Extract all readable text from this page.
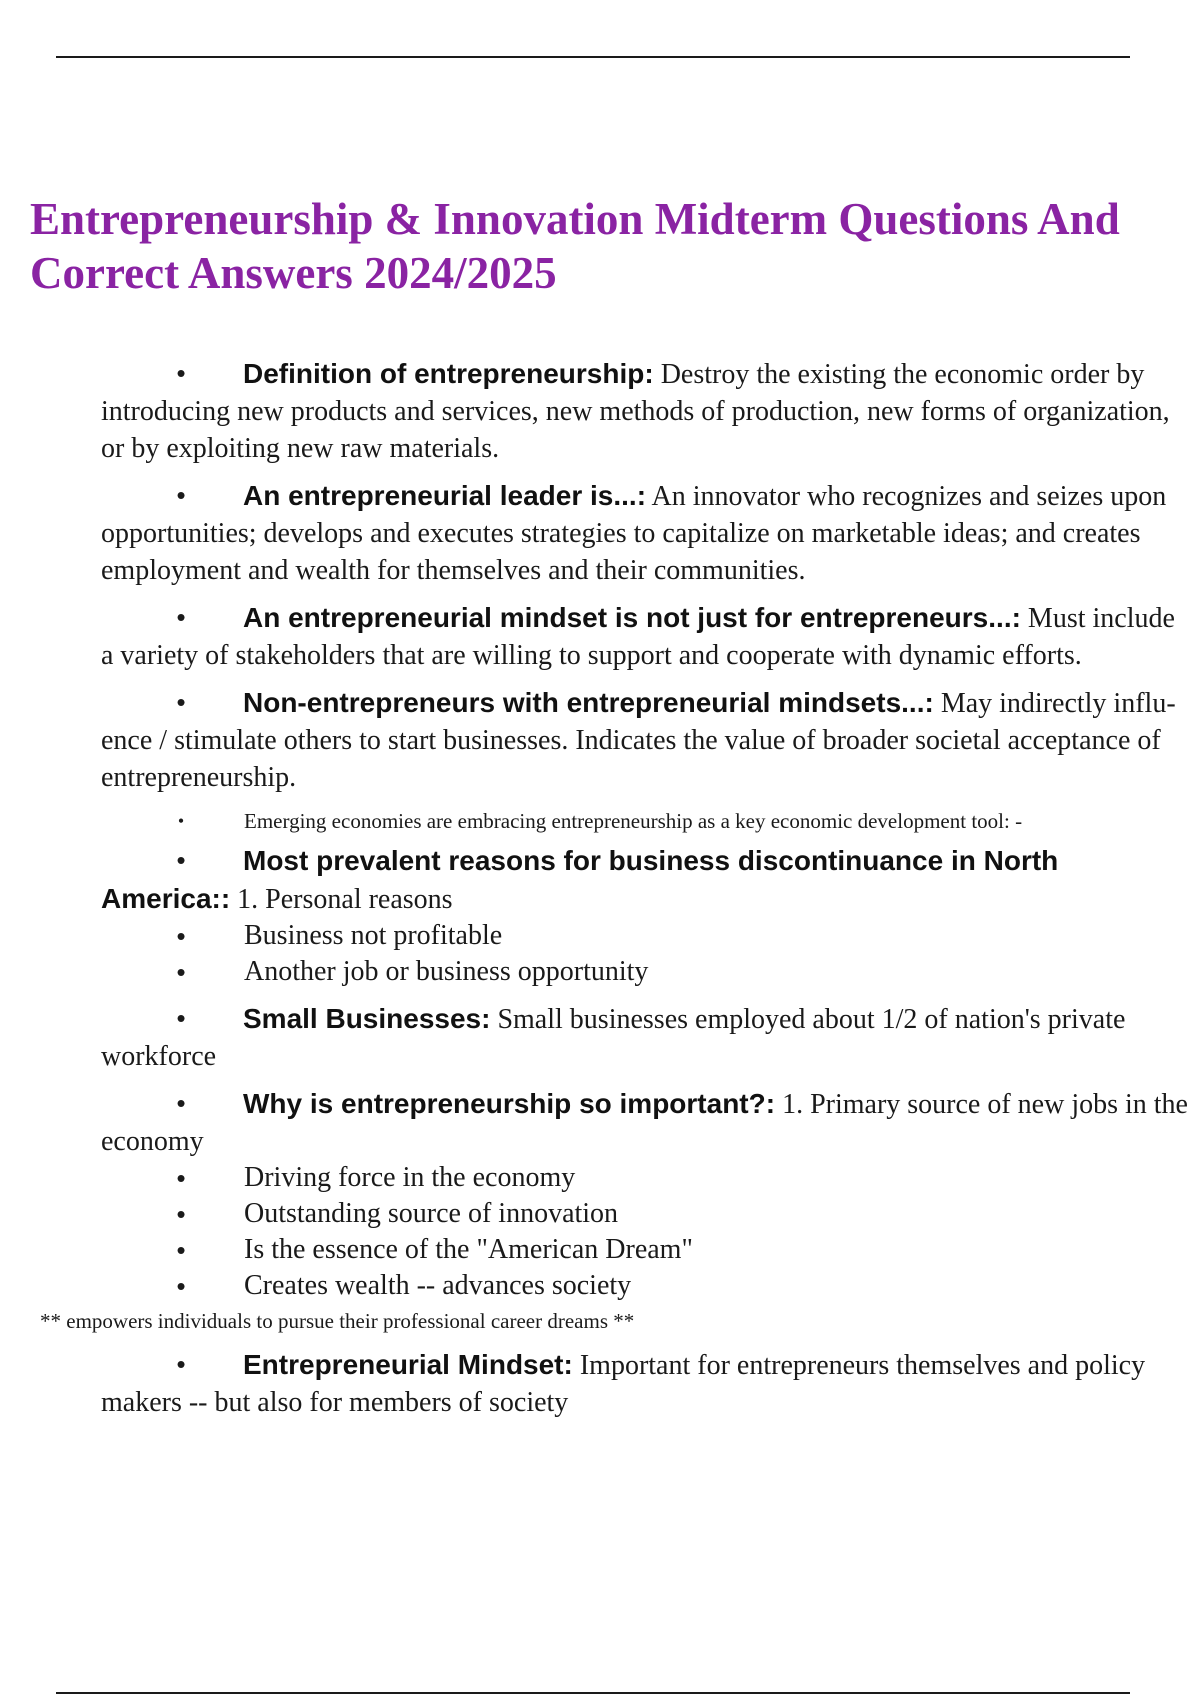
Entrepreneurship & Innovation Midterm Questions And Correct Answers 2024/2025
• Definition of entrepreneurship: Destroy the existing the economic order by introducing new products and services, new methods of production, new forms of organization, or by exploiting new raw materials.
• An entrepreneurial leader is...: An innovator who recognizes and seizes upon opportunities; develops and executes strategies to capitalize on marketable ideas; and creates employment and wealth for themselves and their communities.
• An entrepreneurial mindset is not just for entrepreneurs...: Must include a variety of stakeholders that are willing to support and cooperate with dynamic efforts.
• Non-entrepreneurs with entrepreneurial mindsets...: May indirectly influ- ence / stimulate others to start businesses. Indicates the value of broader societal acceptance of entrepreneurship.
•	Emerging economies are embracing entrepreneurship as a key economic development tool: -
• Most prevalent reasons for business discontinuance in North America:: 1. Personal reasons
• Business not profitable
• Another job or business opportunity
• Small Businesses: Small businesses employed about 1/2 of nation's private workforce
• Why is entrepreneurship so important?: 1. Primary source of new jobs in the economy
• Driving force in the economy
• Outstanding source of innovation
• Is the essence of the "American Dream"
• Creates wealth -- advances society
** empowers individuals to pursue their professional career dreams **
• Entrepreneurial Mindset: Important for entrepreneurs themselves and policy makers -- but also for members of society
